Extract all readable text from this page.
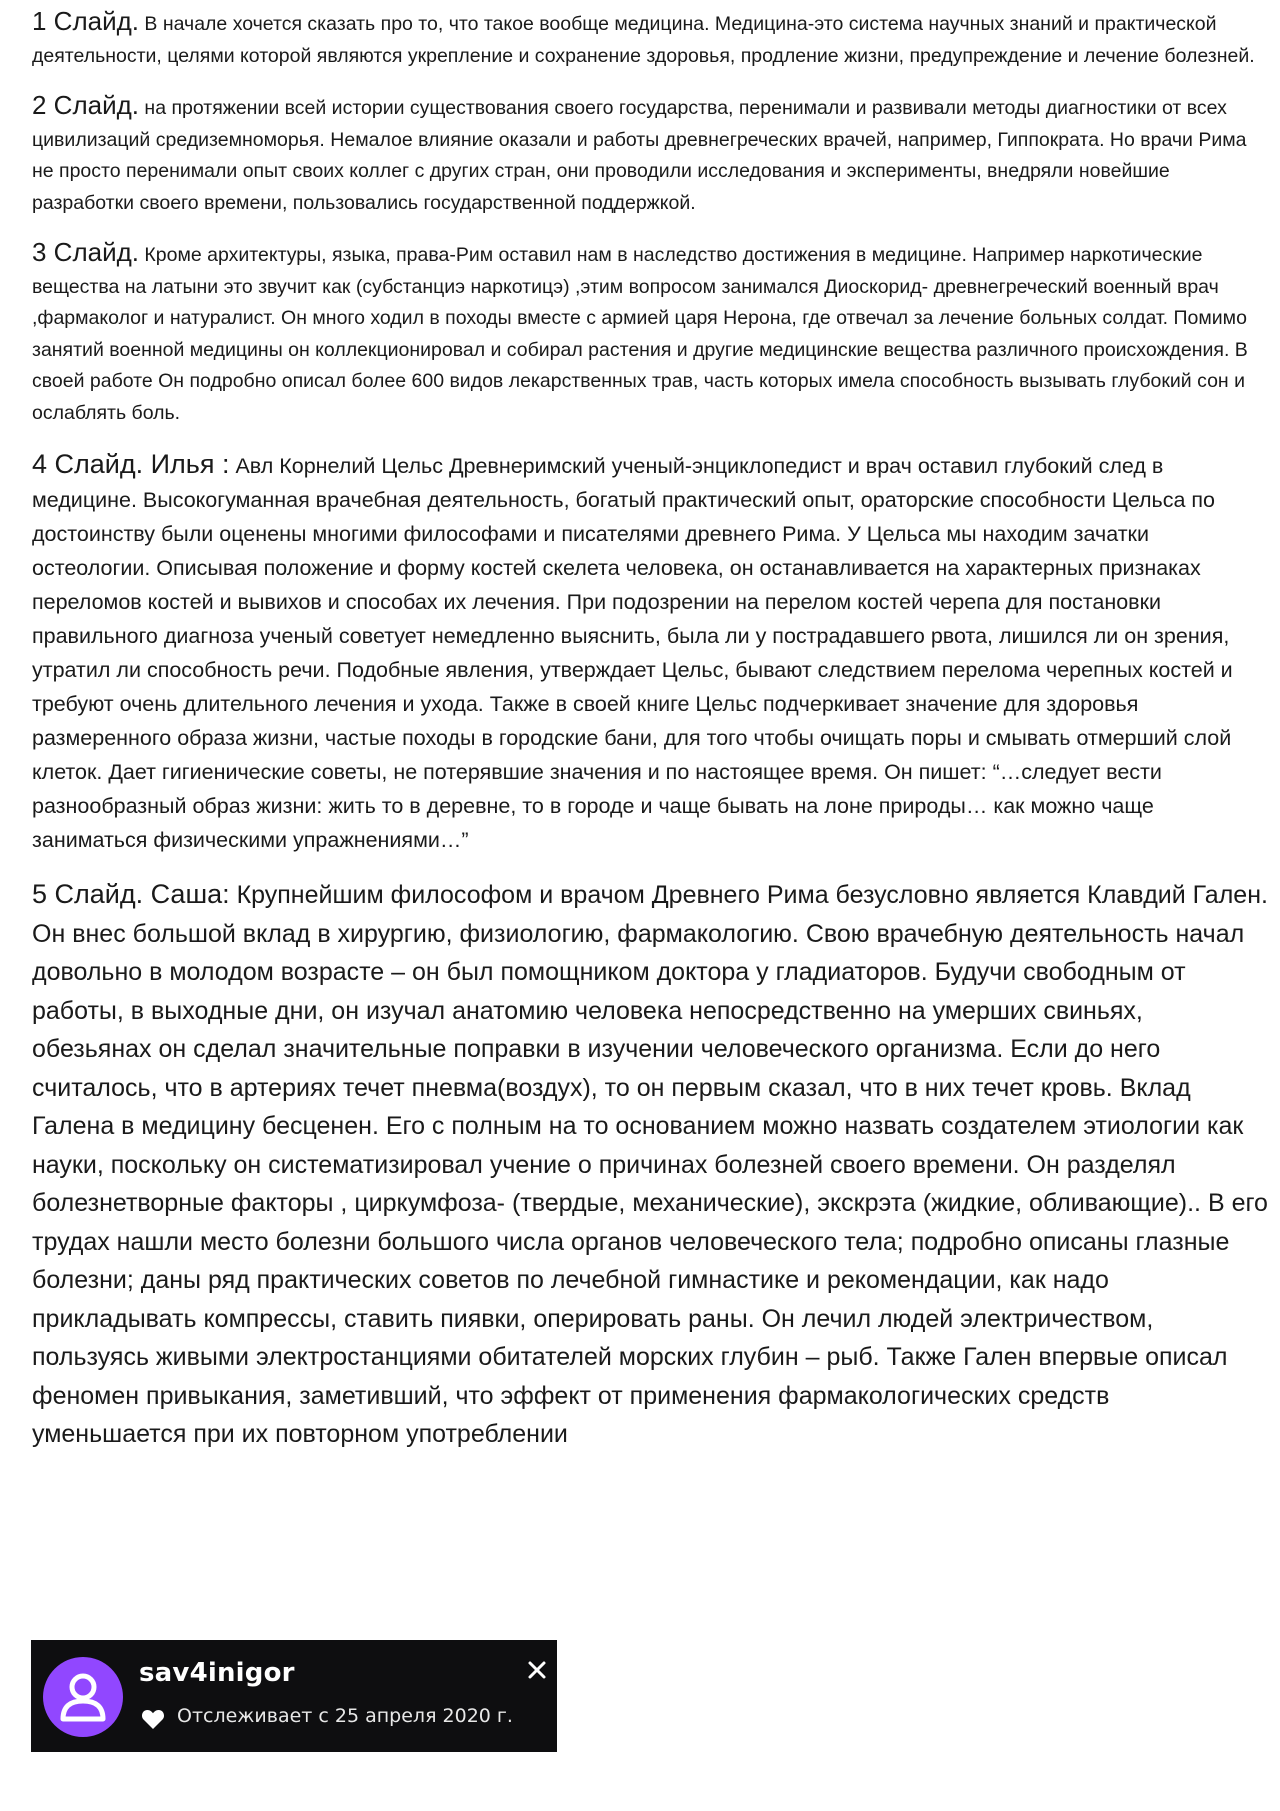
1 Слайд. В начале хочется сказать про то, что такое вообще медицина. Медицина-это система научных знаний и практической деятельности, целями которой являются укрепление и сохранение здоровья, продление жизни, предупреждение и лечение болезней.

2 Слайд. на протяжении всей истории существования своего государства, перенимали и развивали методы диагностики от всех цивилизаций средиземноморья. Немалое влияние оказали и работы древнегреческих врачей, например, Гиппократа. Но врачи Рима не просто перенимали опыт своих коллег с других стран, они проводили исследования и эксперименты, внедряли новейшие разработки своего времени, пользовались государственной поддержкой.

3 Слайд. Кроме архитектуры, языка, права-Рим оставил нам в наследство достижения в медицине. Например наркотические вещества на латыни это звучит как (субстанциэ наркотицэ) ,этим вопросом занимался Диоскорид- древнегреческий военный врач ,фармаколог и натуралист. Он много ходил в походы вместе с армией царя Нерона, где отвечал за лечение больных солдат. Помимо занятий военной медицины он коллекционировал и собирал растения и другие медицинские вещества различного происхождения. В своей работе Он подробно описал более 600 видов лекарственных трав, часть которых имела способность вызывать глубокий сон и ослаблять боль.

4 Слайд. Илья : Авл Корнелий Цельс Древнеримский ученый-энциклопедист и врач оставил глубокий след в медицине. Высокогуманная врачебная деятельность, богатый практический опыт, ораторские способности Цельса по достоинству были оценены многими философами и писателями древнего Рима. У Цельса мы находим зачатки остеологии. Описывая положение и форму костей скелета человека, он останавливается на характерных признаках переломов костей и вывихов и способах их лечения. При подозрении на перелом костей черепа для постановки правильного диагноза ученый советует немедленно выяснить, была ли у пострадавшего рвота, лишился ли он зрения, утратил ли способность речи. Подобные явления, утверждает Цельс, бывают следствием перелома черепных костей и требуют очень длительного лечения и ухода. Также в своей книге Цельс подчеркивает значение для здоровья размеренного образа жизни, частые походы в городские бани, для того чтобы очищать поры и смывать отмерший слой клеток. Дает гигиенические советы, не потерявшие значения и по настоящее время. Он пишет: “…следует вести разнообразный образ жизни: жить то в деревне, то в городе и чаще бывать на лоне природы… как можно чаще заниматься физическими упражнениями…”

5 Слайд. Саша: Крупнейшим философом и врачом Древнего Рима безусловно является Клавдий Гален. Он внес большой вклад в хирургию, физиологию, фармакологию. Свою врачебную деятельность начал довольно в молодом возрасте – он был помощником доктора у гладиаторов. Будучи свободным от работы, в выходные дни, он изучал анатомию человека непосредственно на умерших свиньях, обезьянах он сделал значительные поправки в изучении человеческого организма. Если до него считалось, что в артериях течет пневма(воздух), то он первым сказал, что в них течет кровь. Вклад Галена в медицину бесценен. Его с полным на то основанием можно назвать создателем этиологии как науки, поскольку он систематизировал учение о причинах болезней своего времени. Он разделял болезнетворные факторы , циркумфоза- (твердые, механические), экскрэта (жидкие, обливающие).. В его трудах нашли место болезни большого числа органов человеческого тела; подробно описаны глазные болезни; даны ряд практических советов по лечебной гимнастике и рекомендации, как надо прикладывать компрессы, ставить пиявки, оперировать раны. Он лечил людей электричеством, пользуясь живыми электростанциями обитателей морских глубин – рыб. Также Гален впервые описал феномен привыкания, заметивший, что эффект от применения фармакологических средств уменьшается при их повторном употреблении

sav4inigor
Отслеживает с 25 апреля 2020 г.
